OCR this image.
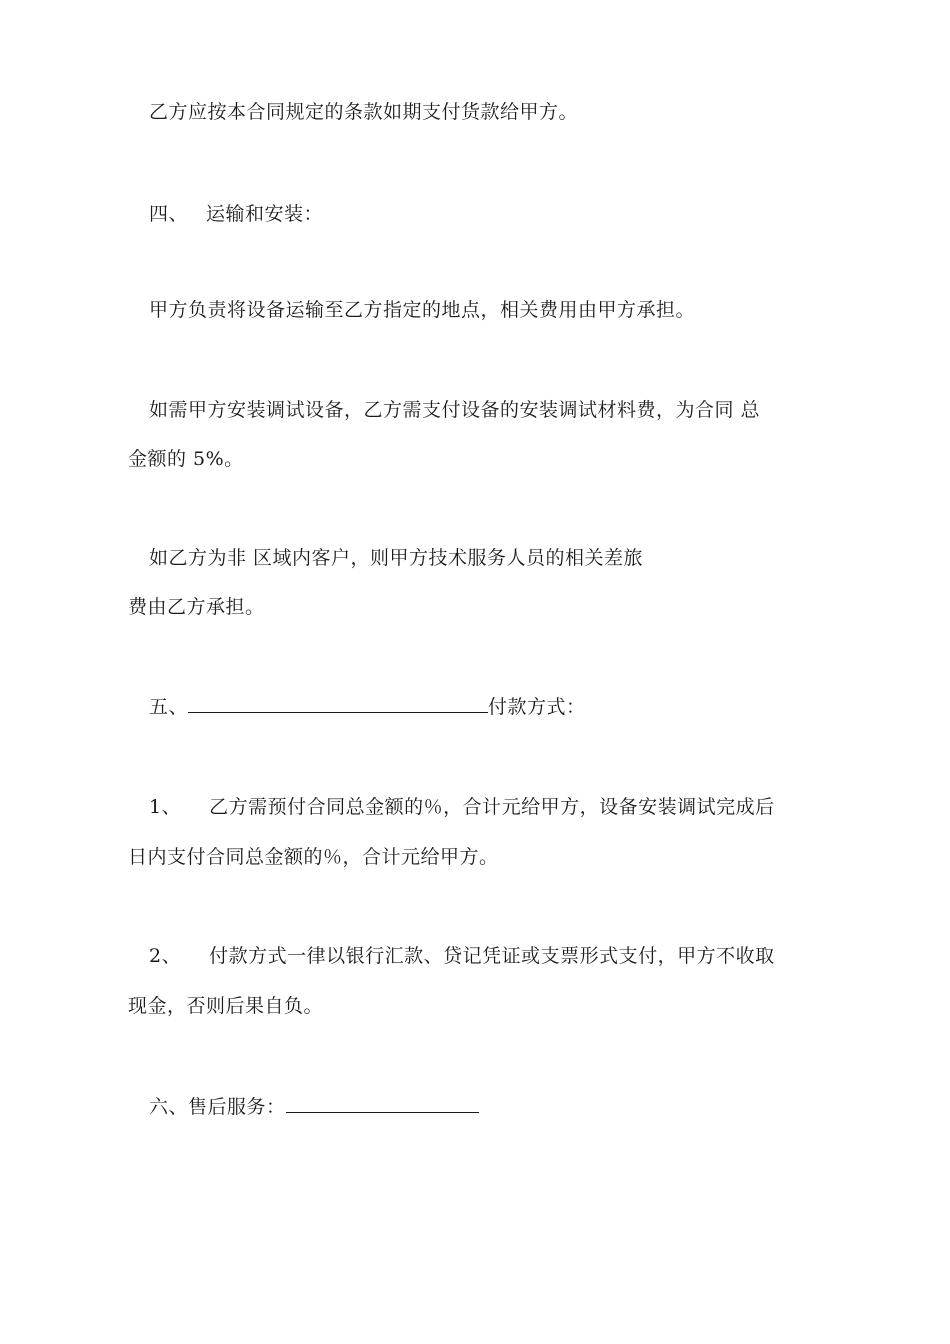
乙方应按本合同规定的条款如期支付货款给甲方。
四、 运输和安装：
甲方负责将设备运输至乙方指定的地点，相关费用由甲方承担。
如需甲方安装调试设备，乙方需支付设备的安装调试材料费，为合同 总
金额的 5%。
如乙方为非 区域内客户，则甲方技术服务人员的相关差旅
费由乙方承担。
五、	付款方式：
1、 乙方需预付合同总金额的％，合计元给甲方，设备安装调试完成后
日内支付合同总金额的％，合计元给甲方。
2、 付款方式一律以银行汇款、贷记凭证或支票形式支付，甲方不收取
现金，否则后果自负。
六、售后服务：
